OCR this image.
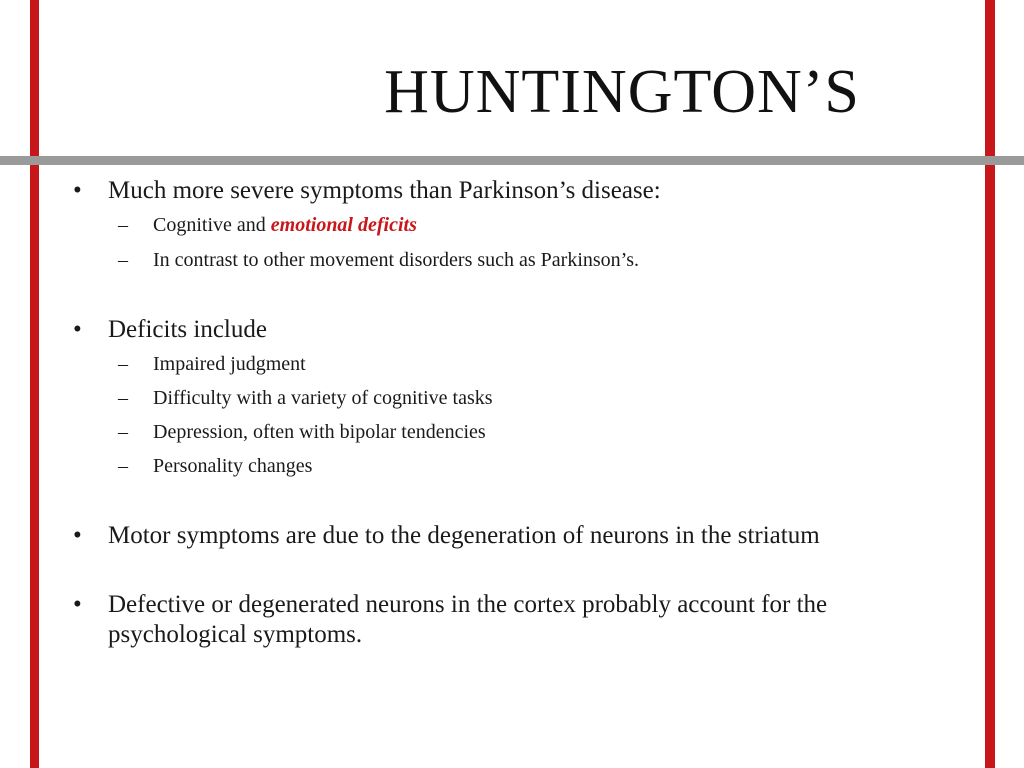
HUNTINGTON’S
•	Much more severe symptoms than Parkinson’s disease:
– Cognitive and emotional deficits
– In contrast to other movement disorders such as Parkinson’s.
•	Deficits include
– Impaired judgment
– Difficulty with a variety of cognitive tasks
– Depression, often with bipolar tendencies
– Personality changes
•	Motor symptoms are due to the degeneration of neurons in the striatum
•	Defective or degenerated neurons in the cortex probably account for the psychological symptoms.
